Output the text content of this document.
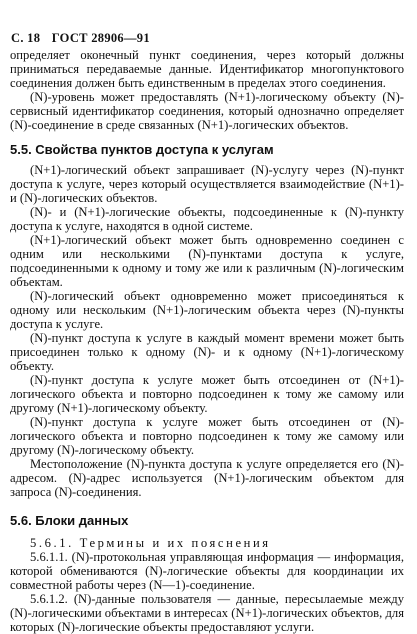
С. 18 ГОСТ 28906—91

определяет оконечный пункт соединения, через который должны приниматься передаваемые данные. Идентификатор многопунктового соединения должен быть единственным в пределах этого соединения.

(N)-уровень может предоставлять (N+1)-логическому объекту (N)-сервисный идентификатор соединения, который однозначно определяет (N)-соединение в среде связанных (N+1)-логических объектов.

5.5. Свойства пунктов доступа к услугам

(N+1)-логический объект запрашивает (N)-услугу через (N)-пункт доступа к услуге, через который осуществляется взаимодействие (N+1)- и (N)-логических объектов.

(N)- и (N+1)-логические объекты, подсоединенные к (N)-пункту доступа к услуге, находятся в одной системе.

(N+1)-логический объект может быть одновременно соединен с одним или несколькими (N)-пунктами доступа к услуге, подсоединенными к одному и тому же или к различным (N)-логическим объектам.

(N)-логический объект одновременно может присоединяться к одному или нескольким (N+1)-логическим объекта через (N)-пункты доступа к услуге.

(N)-пункт доступа к услуге в каждый момент времени может быть присоединен только к одному (N)- и к одному (N+1)-логическому объекту.

(N)-пункт доступа к услуге может быть отсоединен от (N+1)-логического объекта и повторно подсоединен к тому же самому или другому (N+1)-логическому объекту.

(N)-пункт доступа к услуге может быть отсоединен от (N)-логического объекта и повторно подсоединен к тому же самому или другому (N)-логическому объекту.

Местоположение (N)-пункта доступа к услуге определяется его (N)-адресом. (N)-адрес используется (N+1)-логическим объектом для запроса (N)-соединения.

5.6. Блоки данных

5.6.1. Термины и их пояснения

5.6.1.1. (N)-протокольная управляющая информация — информация, которой обмениваются (N)-логические объекты для координации их совместной работы через (N—1)-соединение.

5.6.1.2. (N)-данные пользователя — данные, пересылаемые между (N)-логическими объектами в интересах (N+1)-логических объектов, для которых (N)-логические объекты предоставляют услуги.
